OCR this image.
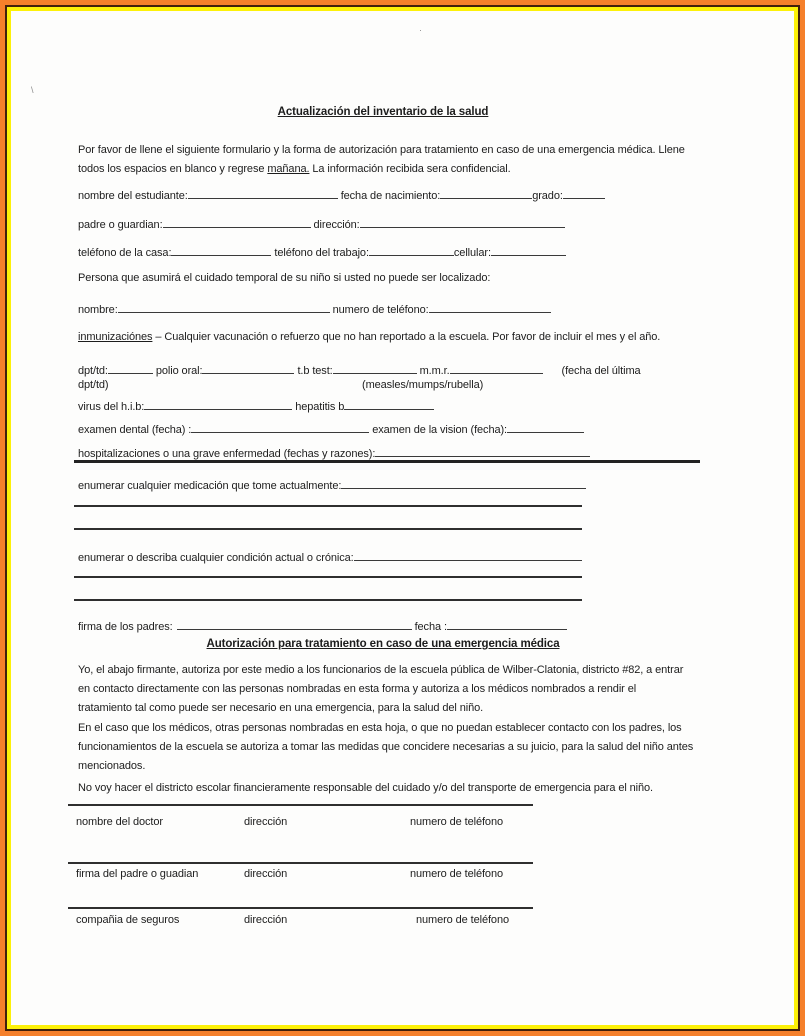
\
·
Actualización del inventario de la salud
Por favor de llene el siguiente formulario y la forma de autorización para tratamiento en caso de una emergencia médica. Llene
todos los espacios en blanco y regrese mañana. La información recibida sera confidencial.
nombre del estudiante:	fecha de nacimiento:	grado:
padre o guardian:	dirección:
teléfono de la casa:	teléfono del trabajo:	cellular:
Persona que asumirá el cuidado temporal de su niño si usted no puede ser localizado:
nombre:	numero de teléfono:
inmunizaciónes – Cualquier vacunación o refuerzo que no han reportado a la escuela. Por favor de incluir el mes y el año.
dpt/td:	polio oral:	t.b test:	m.m.r.	(fecha del última
dpt/td)	(measles/mumps/rubella)
virus del h.i.b:	hepatitis b
examen dental (fecha) :	examen de la vision (fecha):
hospitalizaciones o una grave enfermedad (fechas y razones):
enumerar cualquier medicación que tome actualmente:
enumerar o describa cualquier condición actual o crónica:
firma de los padres:	fecha :
Autorización para tratamiento en caso de una emergencia médica
Yo, el abajo firmante, autoriza por este medio a los funcionarios de la escuela pública de Wilber-Clatonia, districto #82, a entrar
en contacto directamente con las personas nombradas en esta forma y autoriza a los médicos nombrados a rendir el
tratamiento tal como puede ser necesario en una emergencia, para la salud del niño.
En el caso que los médicos, otras personas nombradas en esta hoja, o que no puedan establecer contacto con los padres, los
funcionamientos de la escuela se autoriza a tomar las medidas que concidere necesarias a su juicio, para la salud del niño antes
mencionados.
No voy hacer el districto escolar financieramente responsable del cuidado y/o del transporte de emergencia para el niño.
nombre del doctor	dirección	numero de teléfono
firma del padre o guadian	dirección	numero de teléfono
compañia de seguros	dirección	numero de teléfono
